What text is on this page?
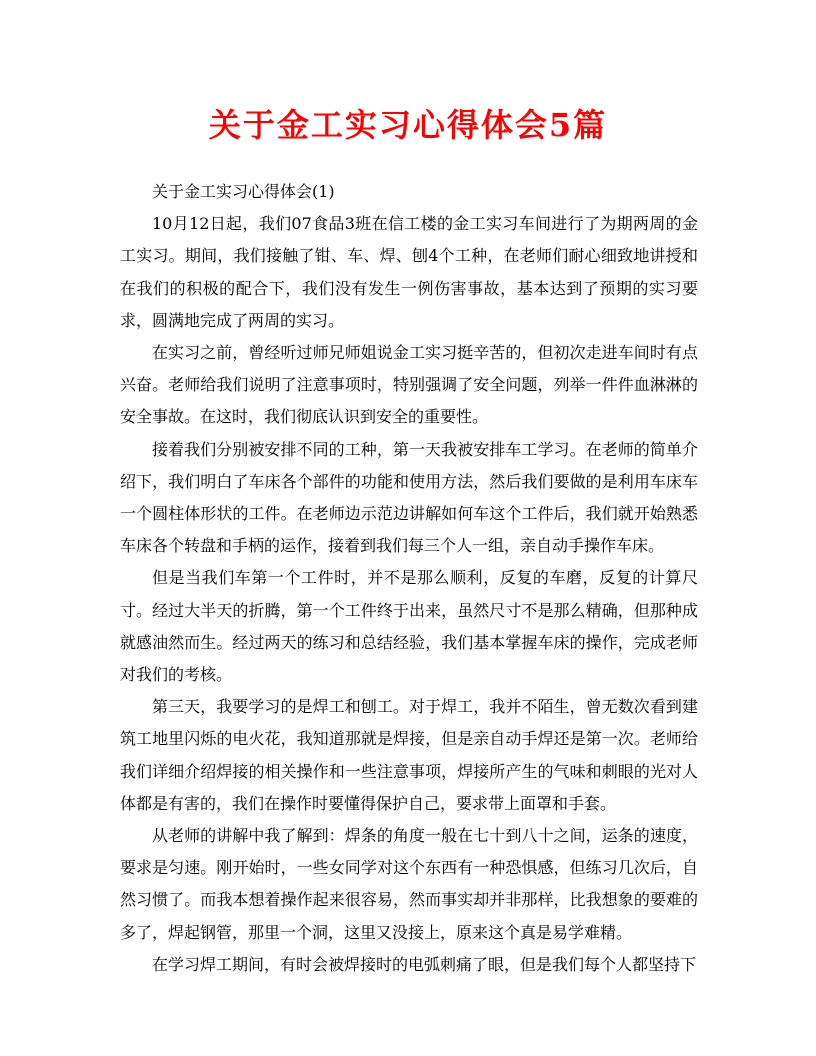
关于金工实习心得体会5篇

关于金工实习心得体会(1)

10月12日起，我们07食品3班在信工楼的金工实习车间进行了为期两周的金工实习。期间，我们接触了钳、车、焊、刨4个工种，在老师们耐心细致地讲授和在我们的积极的配合下，我们没有发生一例伤害事故，基本达到了预期的实习要求，圆满地完成了两周的实习。

在实习之前，曾经听过师兄师姐说金工实习挺辛苦的，但初次走进车间时有点兴奋。老师给我们说明了注意事项时，特别强调了安全问题，列举一件件血淋淋的安全事故。在这时，我们彻底认识到安全的重要性。

接着我们分别被安排不同的工种，第一天我被安排车工学习。在老师的简单介绍下，我们明白了车床各个部件的功能和使用方法，然后我们要做的是利用车床车一个圆柱体形状的工件。在老师边示范边讲解如何车这个工件后，我们就开始熟悉车床各个转盘和手柄的运作，接着到我们每三个人一组，亲自动手操作车床。

但是当我们车第一个工件时，并不是那么顺利，反复的车磨，反复的计算尺寸。经过大半天的折腾，第一个工件终于出来，虽然尺寸不是那么精确，但那种成就感油然而生。经过两天的练习和总结经验，我们基本掌握车床的操作，完成老师对我们的考核。

第三天，我要学习的是焊工和刨工。对于焊工，我并不陌生，曾无数次看到建筑工地里闪烁的电火花，我知道那就是焊接，但是亲自动手焊还是第一次。老师给我们详细介绍焊接的相关操作和一些注意事项，焊接所产生的气味和刺眼的光对人体都是有害的，我们在操作时要懂得保护自己，要求带上面罩和手套。

从老师的讲解中我了解到：焊条的角度一般在七十到八十之间，运条的速度，要求是匀速。刚开始时，一些女同学对这个东西有一种恐惧感，但练习几次后，自然习惯了。而我本想着操作起来很容易，然而事实却并非那样，比我想象的要难的多了，焊起钢管，那里一个洞，这里又没接上，原来这个真是易学难精。

在学习焊工期间，有时会被焊接时的电弧刺痛了眼，但是我们每个人都坚持下
